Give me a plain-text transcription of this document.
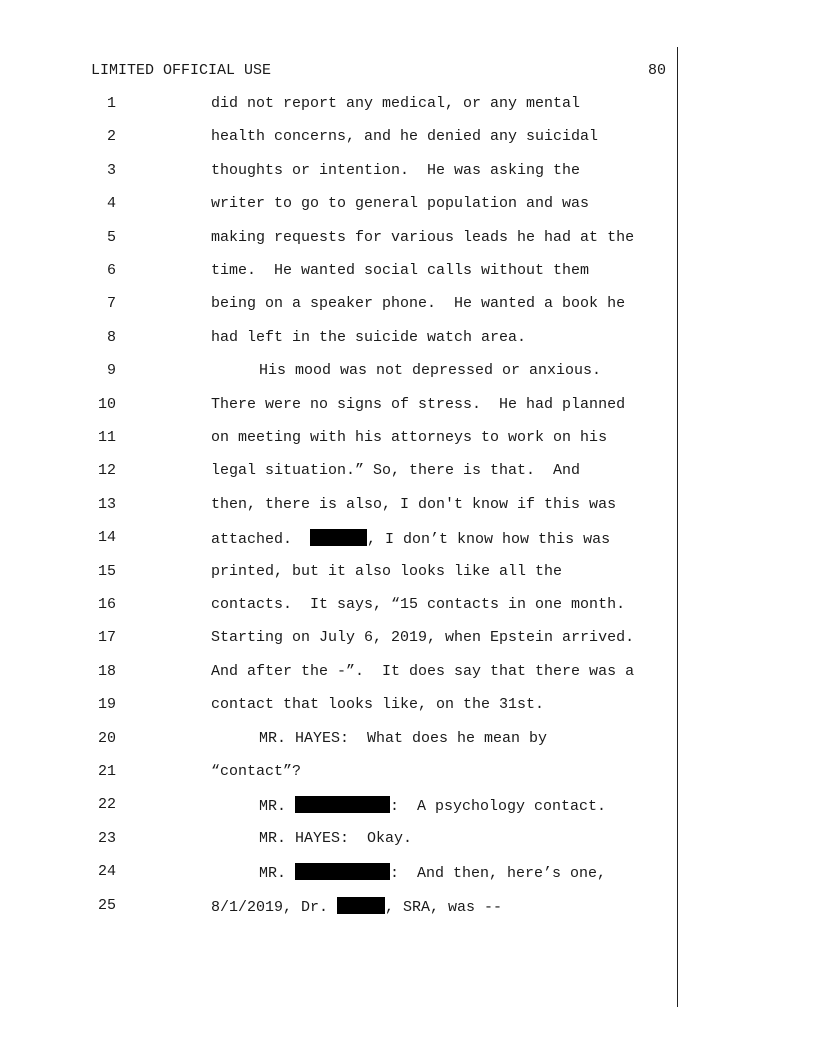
LIMITED OFFICIAL USE	80
1	did not report any medical, or any mental
2	health concerns, and he denied any suicidal
3	thoughts or intention.  He was asking the
4	writer to go to general population and was
5	making requests for various leads he had at the
6	time.  He wanted social calls without them
7	being on a speaker phone.  He wanted a book he
8	had left in the suicide watch area.
9	His mood was not depressed or anxious.
10	There were no signs of stress.  He had planned
11	on meeting with his attorneys to work on his
12	legal situation.” So, there is that.  And
13	then, there is also, I don't know if this was
14	attached.	, I don’t know how this was
15	printed, but it also looks like all the
16	contacts.  It says, “15 contacts in one month.
17	Starting on July 6, 2019, when Epstein arrived.
18	And after the -”.  It does say that there was a
19	contact that looks like, on the 31st.
20	MR. HAYES:  What does he mean by
21	“contact”?
22	MR.	:  A psychology contact.
23	MR. HAYES:  Okay.
24	MR.	:  And then, here’s one,
25	8/1/2019, Dr.	, SRA, was --
